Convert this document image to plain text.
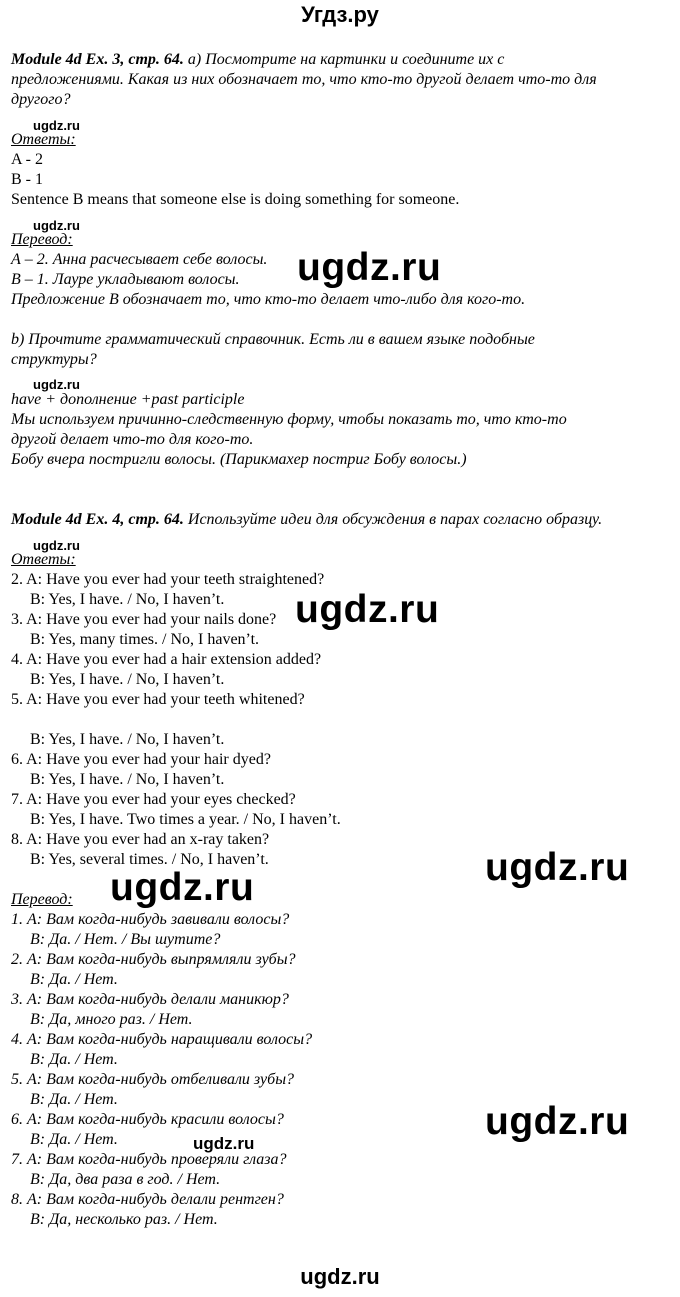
Угдз.ру
Module 4d Ex. 3, стр. 64. а) Посмотрите на картинки и соедините их с
предложениями. Какая из них обозначает то, что кто-то другой делает что-то для
другого?
ugdz.ru
Ответы:
A - 2
B - 1
Sentence B means that someone else is doing something for someone.
ugdz.ru
Перевод:
А – 2. Анна расчесывает себе волосы.
В – 1. Лауре укладывают волосы.
Предложение В обозначает то, что кто-то делает что-либо для кого-то.
ugdz.ru
b) Прочтите грамматический справочник. Есть ли в вашем языке подобные
структуры?
ugdz.ru
have + дополнение +past participle
Мы используем причинно-следственную форму, чтобы показать то, что кто-то
другой делает что-то для кого-то.
Бобу вчера постригли волосы. (Парикмахер постриг Бобу волосы.)
Module 4d Ex. 4, стр. 64. Используйте идеи для обсуждения в парах согласно образцу.
ugdz.ru
Ответы:
2. A: Have you ever had your teeth straightened?
B: Yes, I have. / No, I haven’t.
3. A: Have you ever had your nails done?
B: Yes, many times. / No, I haven’t.
4. A: Have you ever had a hair extension added?
B: Yes, I have. / No, I haven’t.
5. A: Have you ever had your teeth whitened?
B: Yes, I have. / No, I haven’t.
6. A: Have you ever had your hair dyed?
B: Yes, I have. / No, I haven’t.
7. A: Have you ever had your eyes checked?
B: Yes, I have. Two times a year. / No, I haven’t.
8. A: Have you ever had an x-ray taken?
B: Yes, several times. / No, I haven’t.
ugdz.ru
ugdz.ru
Перевод: ugdz.ru
1. А: Вам когда-нибудь завивали волосы?
В: Да. / Нет. / Вы шутите?
2. А: Вам когда-нибудь выпрямляли зубы?
В: Да. / Нет.
3. А: Вам когда-нибудь делали маникюр?
В: Да, много раз. / Нет.
4. А: Вам когда-нибудь наращивали волосы?
В: Да. / Нет.
5. А: Вам когда-нибудь отбеливали зубы?
В: Да. / Нет.
6. А: Вам когда-нибудь красили волосы?
В: Да. / Нет.	ugdz.ru
7. А: Вам когда-нибудь проверяли глаза?
В: Да, два раза в год. / Нет.
8. А: Вам когда-нибудь делали рентген?
В: Да, несколько раз. / Нет.
ugdz.ru
ugdz.ru
